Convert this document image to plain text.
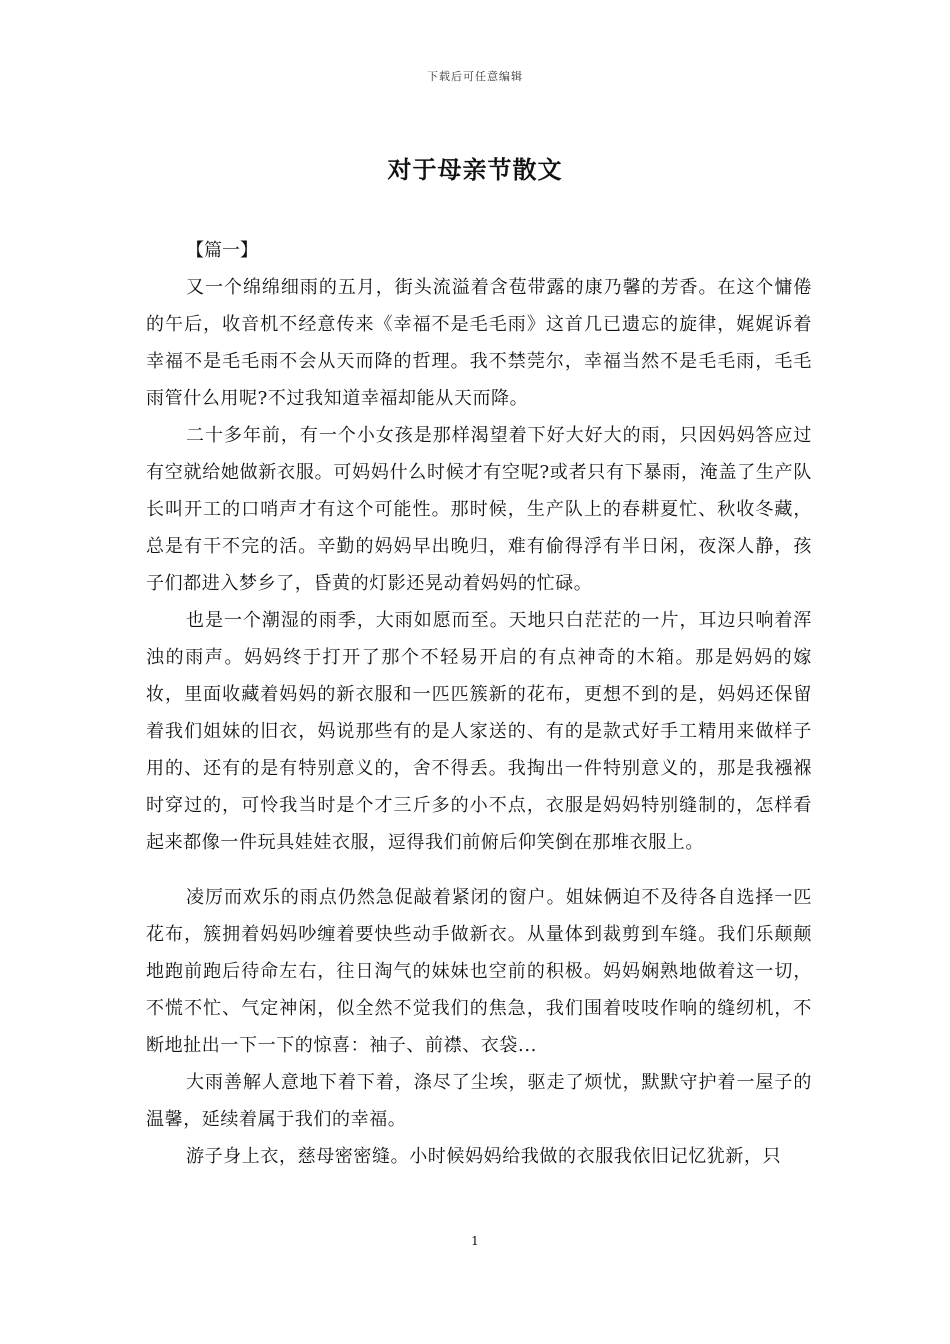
下载后可任意编辑
对于母亲节散文

【篇一】

又一个绵绵细雨的五月，街头流溢着含苞带露的康乃馨的芳香。在这个慵倦的午后，收音机不经意传来《幸福不是毛毛雨》这首几已遗忘的旋律，娓娓诉着幸福不是毛毛雨不会从天而降的哲理。我不禁莞尔，幸福当然不是毛毛雨，毛毛雨管什么用呢?不过我知道幸福却能从天而降。

二十多年前，有一个小女孩是那样渴望着下好大好大的雨，只因妈妈答应过有空就给她做新衣服。可妈妈什么时候才有空呢?或者只有下暴雨，淹盖了生产队长叫开工的口哨声才有这个可能性。那时候，生产队上的春耕夏忙、秋收冬藏，总是有干不完的活。辛勤的妈妈早出晚归，难有偷得浮有半日闲，夜深人静，孩子们都进入梦乡了，昏黄的灯影还晃动着妈妈的忙碌。

也是一个潮湿的雨季，大雨如愿而至。天地只白茫茫的一片，耳边只响着浑浊的雨声。妈妈终于打开了那个不轻易开启的有点神奇的木箱。那是妈妈的嫁妆，里面收藏着妈妈的新衣服和一匹匹簇新的花布，更想不到的是，妈妈还保留着我们姐妹的旧衣，妈说那些有的是人家送的、有的是款式好手工精用来做样子用的、还有的是有特别意义的，舍不得丢。我掏出一件特别意义的，那是我襁褓时穿过的，可怜我当时是个才三斤多的小不点，衣服是妈妈特别缝制的，怎样看起来都像一件玩具娃娃衣服，逗得我们前俯后仰笑倒在那堆衣服上。

凌厉而欢乐的雨点仍然急促敲着紧闭的窗户。姐妹俩迫不及待各自选择一匹花布，簇拥着妈妈吵缠着要快些动手做新衣。从量体到裁剪到车缝。我们乐颠颠地跑前跑后待命左右，往日淘气的妹妹也空前的积极。妈妈娴熟地做着这一切，不慌不忙、气定神闲，似全然不觉我们的焦急，我们围着吱吱作响的缝纫机，不断地扯出一下一下的惊喜：袖子、前襟、衣袋...

大雨善解人意地下着下着，涤尽了尘埃，驱走了烦忧，默默守护着一屋子的温馨，延续着属于我们的幸福。

游子身上衣，慈母密密缝。小时候妈妈给我做的衣服我依旧记忆犹新，只

1
